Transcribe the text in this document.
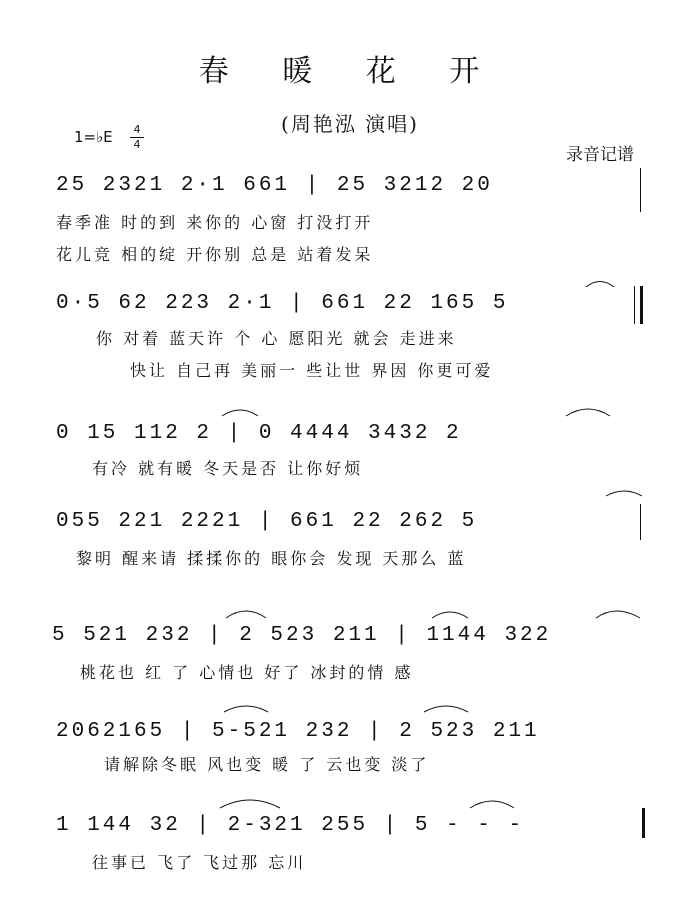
春 暖 花 开
(周艳泓 演唱)
1=♭E	4
4
录音记谱
25 2321 2·1 661 | 25 3212 20
春季准 时的到 来你的 心窗 打没打开
花儿竞 相的绽 开你别 总是 站着发呆
0·5 62 223 2·1 | 661 22 165 5
你 对着 蓝天许 个 心 愿阳光 就会 走进来
快让 自己再 美丽一 些让世 界因 你更可爱
0 15 112 2 | 0 4444 3432 2
有冷 就有暖 冬天是否 让你好烦
055 221 2221 | 661 22 262 5
黎明 醒来请 揉揉你的 眼你会 发现 天那么 蓝
5 521 232 | 2 523 211 | 1144 322
桃花也 红 了 心情也 好了 冰封的情 感
2062165 | 5-521 232 | 2 523 211
请解除冬眠 风也变 暖 了 云也变 淡了
1 144 32 | 2-321 255 | 5 - - -
往事已 飞了 飞过那 忘川
